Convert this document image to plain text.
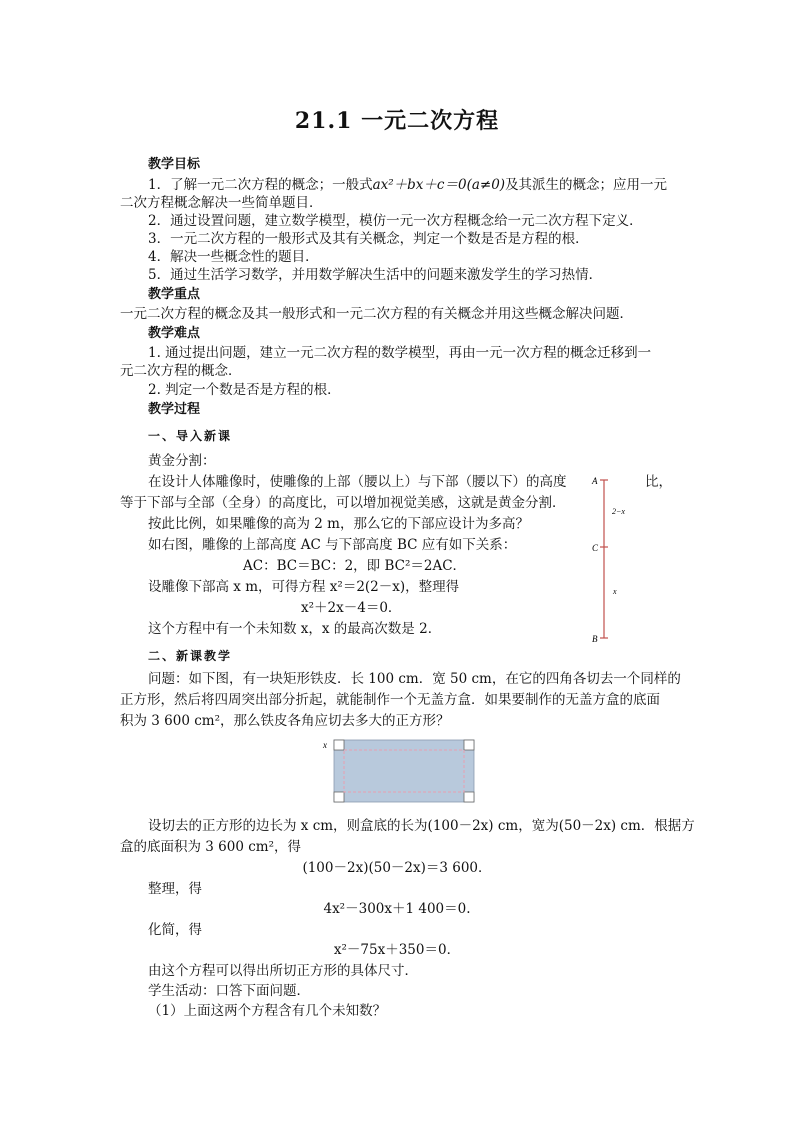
21.1 一元二次方程
教学目标
1．了解一元二次方程的概念；一般式ax²＋bx＋c＝0(a≠0)及其派生的概念；应用一元
二次方程概念解决一些简单题目．
2．通过设置问题，建立数学模型，模仿一元一次方程概念给一元二次方程下定义．
3．一元二次方程的一般形式及其有关概念，判定一个数是否是方程的根．
4．解决一些概念性的题目．
5．通过生活学习数学，并用数学解决生活中的问题来激发学生的学习热情．
教学重点
一元二次方程的概念及其一般形式和一元二次方程的有关概念并用这些概念解决问题．
教学难点
1. 通过提出问题，建立一元二次方程的数学模型，再由一元一次方程的概念迁移到一
元二次方程的概念．
2. 判定一个数是否是方程的根．
教学过程
一、导入新课
黄金分割：
在设计人体雕像时，使雕像的上部（腰以上）与下部（腰以下）的高度	比，
等于下部与全部（全身）的高度比，可以增加视觉美感，这就是黄金分割．
按此比例，如果雕像的高为 2 m，那么它的下部应设计为多高？
如右图，雕像的上部高度 AC 与下部高度 BC 应有如下关系：
AC：BC＝BC：2，即 BC²＝2AC．
设雕像下部高 x m，可得方程 x²＝2(2－x)，整理得
x²＋2x－4＝0．
这个方程中有一个未知数 x，x 的最高次数是 2．
A
C
B
2−x
x
二、新课教学
问题：如下图，有一块矩形铁皮．长 100 cm．宽 50 cm，在它的四角各切去一个同样的
正方形，然后将四周突出部分折起，就能制作一个无盖方盒．如果要制作的无盖方盒的底面
积为 3 600 cm²，那么铁皮各角应切去多大的正方形？
x
设切去的正方形的边长为 x cm，则盒底的长为(100－2x) cm，宽为(50－2x) cm．根据方
盒的底面积为 3 600 cm²，得
(100－2x)(50－2x)＝3 600．
整理，得
4x²－300x＋1 400＝0.
化简，得
x²－75x＋350＝0．
由这个方程可以得出所切正方形的具体尺寸．
学生活动：口答下面问题．
（1）上面这两个方程含有几个未知数？
